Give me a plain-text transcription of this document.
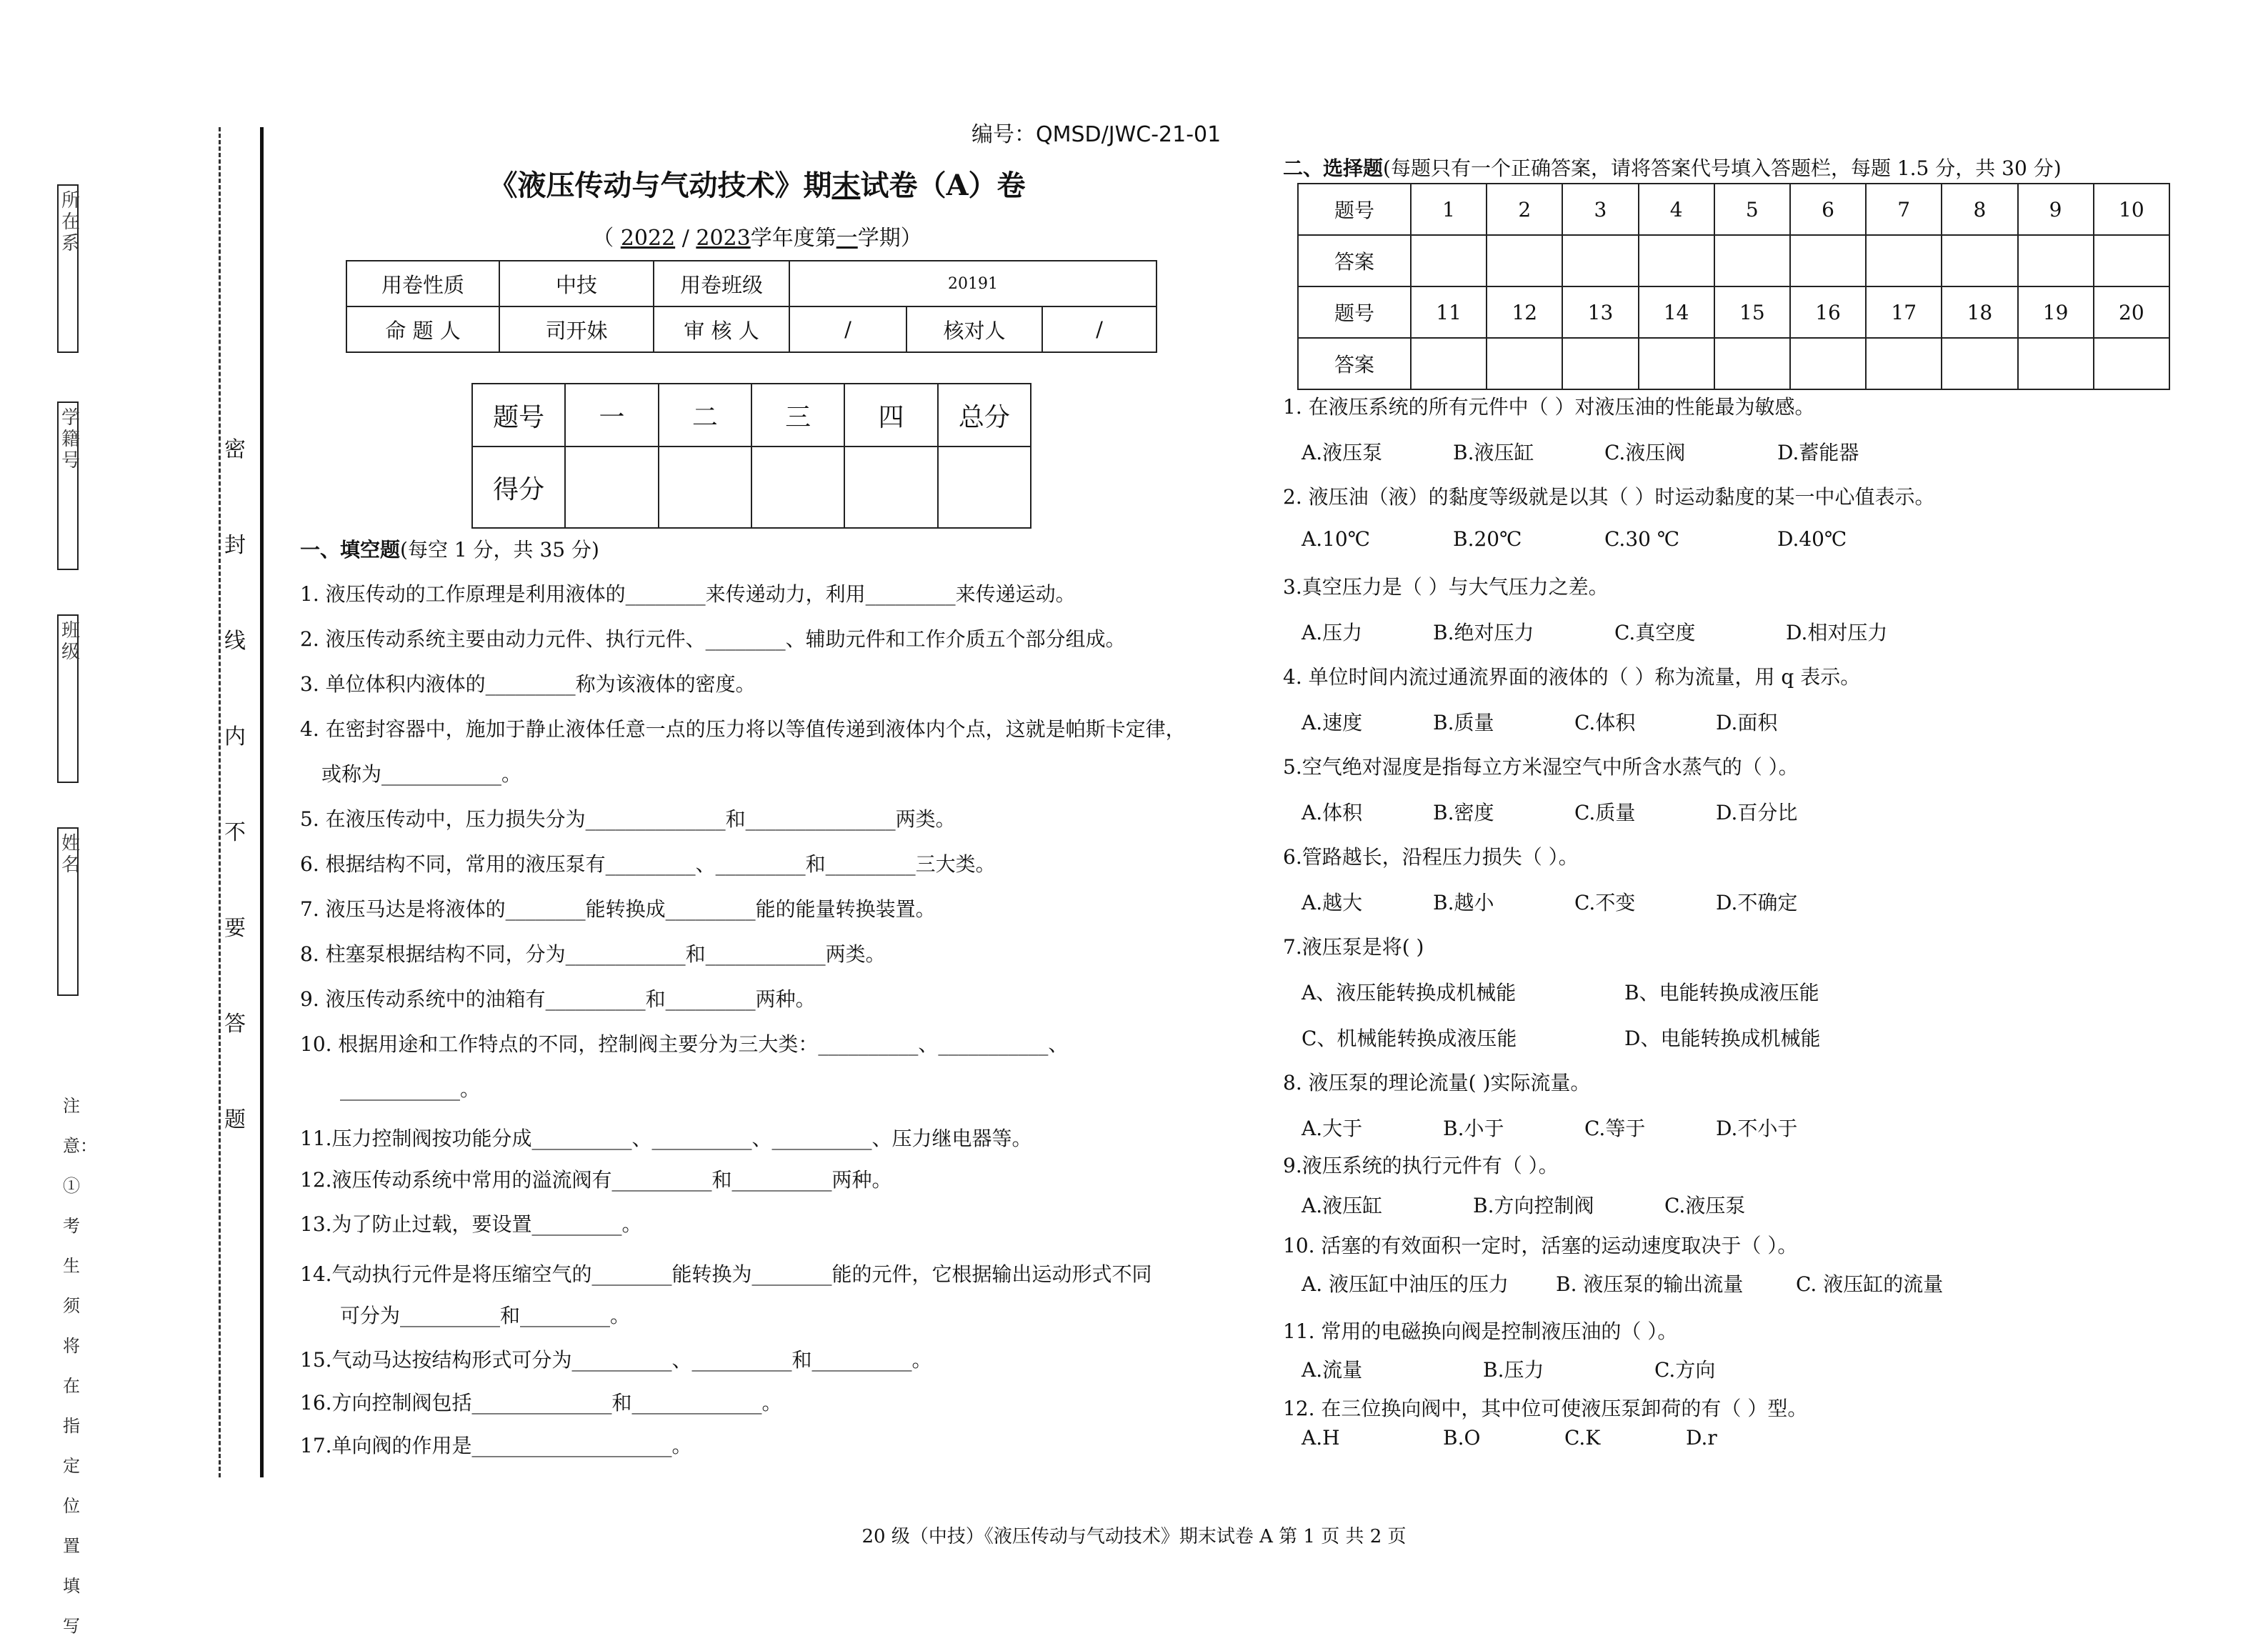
所在系
学籍号
班级
姓名
密
封
线
内
不
要
答
题
注意：①考生须将在指定位置填写
编号：QMSD/JWC-21-01
《液压传动与气动技术》期末试卷（A）卷
（ 2022 / 2023学年度第一学期）
用卷性质	中技	用卷班级	20191		
命 题 人	司开妹	审 核 人	/	核对人	/
题号	一	二	三	四	总分
得分					
一、填空题(每空 1 分，共 35 分)
1. 液压传动的工作原理是利用液体的________来传递动力，利用_________来传递运动。
2. 液压传动系统主要由动力元件、执行元件、________、辅助元件和工作介质五个部分组成。
3. 单位体积内液体的_________称为该液体的密度。
4. 在密封容器中，施加于静止液体任意一点的压力将以等值传递到液体内个点，这就是帕斯卡定律，
或称为____________。
5. 在液压传动中，压力损失分为______________和_______________两类。
6. 根据结构不同，常用的液压泵有_________、_________和_________三大类。
7. 液压马达是将液体的________能转换成_________能的能量转换装置。
8. 柱塞泵根据结构不同，分为____________和____________两类。
9. 液压传动系统中的油箱有__________和_________两种。
10. 根据用途和工作特点的不同，控制阀主要分为三大类：__________、___________、
____________。
11.压力控制阀按功能分成__________、__________、__________、压力继电器等。
12.液压传动系统中常用的溢流阀有__________和__________两种。
13.为了防止过载，要设置_________。
14.气动执行元件是将压缩空气的________能转换为________能的元件，它根据输出运动形式不同
可分为__________和_________。
15.气动马达按结构形式可分为__________、__________和__________。
16.方向控制阀包括______________和_____________。
17.单向阀的作用是____________________。
二、选择题(每题只有一个正确答案，请将答案代号填入答题栏，每题 1.5 分，共 30 分)
题号	1	2	3	4	5	6	7	8	9	10
答案										
题号	11	12	13	14	15	16	17	18	19	20
答案										
1. 在液压系统的所有元件中（ ）对液压油的性能最为敏感。
A.液压泵	B.液压缸	C.液压阀	D.蓄能器
2. 液压油（液）的黏度等级就是以其（ ）时运动黏度的某一中心值表示。
A.10℃	B.20℃	C.30 ℃	D.40℃
3.真空压力是（ ）与大气压力之差。
A.压力	B.绝对压力	C.真空度	D.相对压力
4. 单位时间内流过通流界面的液体的（ ）称为流量，用 q 表示。
A.速度	B.质量	C.体积	D.面积
5.空气绝对湿度是指每立方米湿空气中所含水蒸气的（ ）。
A.体积	B.密度	C.质量	D.百分比
6.管路越长，沿程压力损失（ ）。
A.越大	B.越小	C.不变	D.不确定
7.液压泵是将( )
A、液压能转换成机械能	B、电能转换成液压能
C、机械能转换成液压能	D、电能转换成机械能
8. 液压泵的理论流量( )实际流量。
A.大于	B.小于	C.等于	D.不小于
9.液压系统的执行元件有（ ）。
A.液压缸	B.方向控制阀	C.液压泵
10. 活塞的有效面积一定时，活塞的运动速度取决于（ ）。
A. 液压缸中油压的压力 B. 液压泵的输出流量	C. 液压缸的流量
11. 常用的电磁换向阀是控制液压油的（ ）。
A.流量	B.压力	C.方向
12. 在三位换向阀中，其中位可使液压泵卸荷的有（ ）型。
A.H	B.O	C.K	D.r
20 级（中技）《液压传动与气动技术》期末试卷 A 第 1 页 共 2 页
